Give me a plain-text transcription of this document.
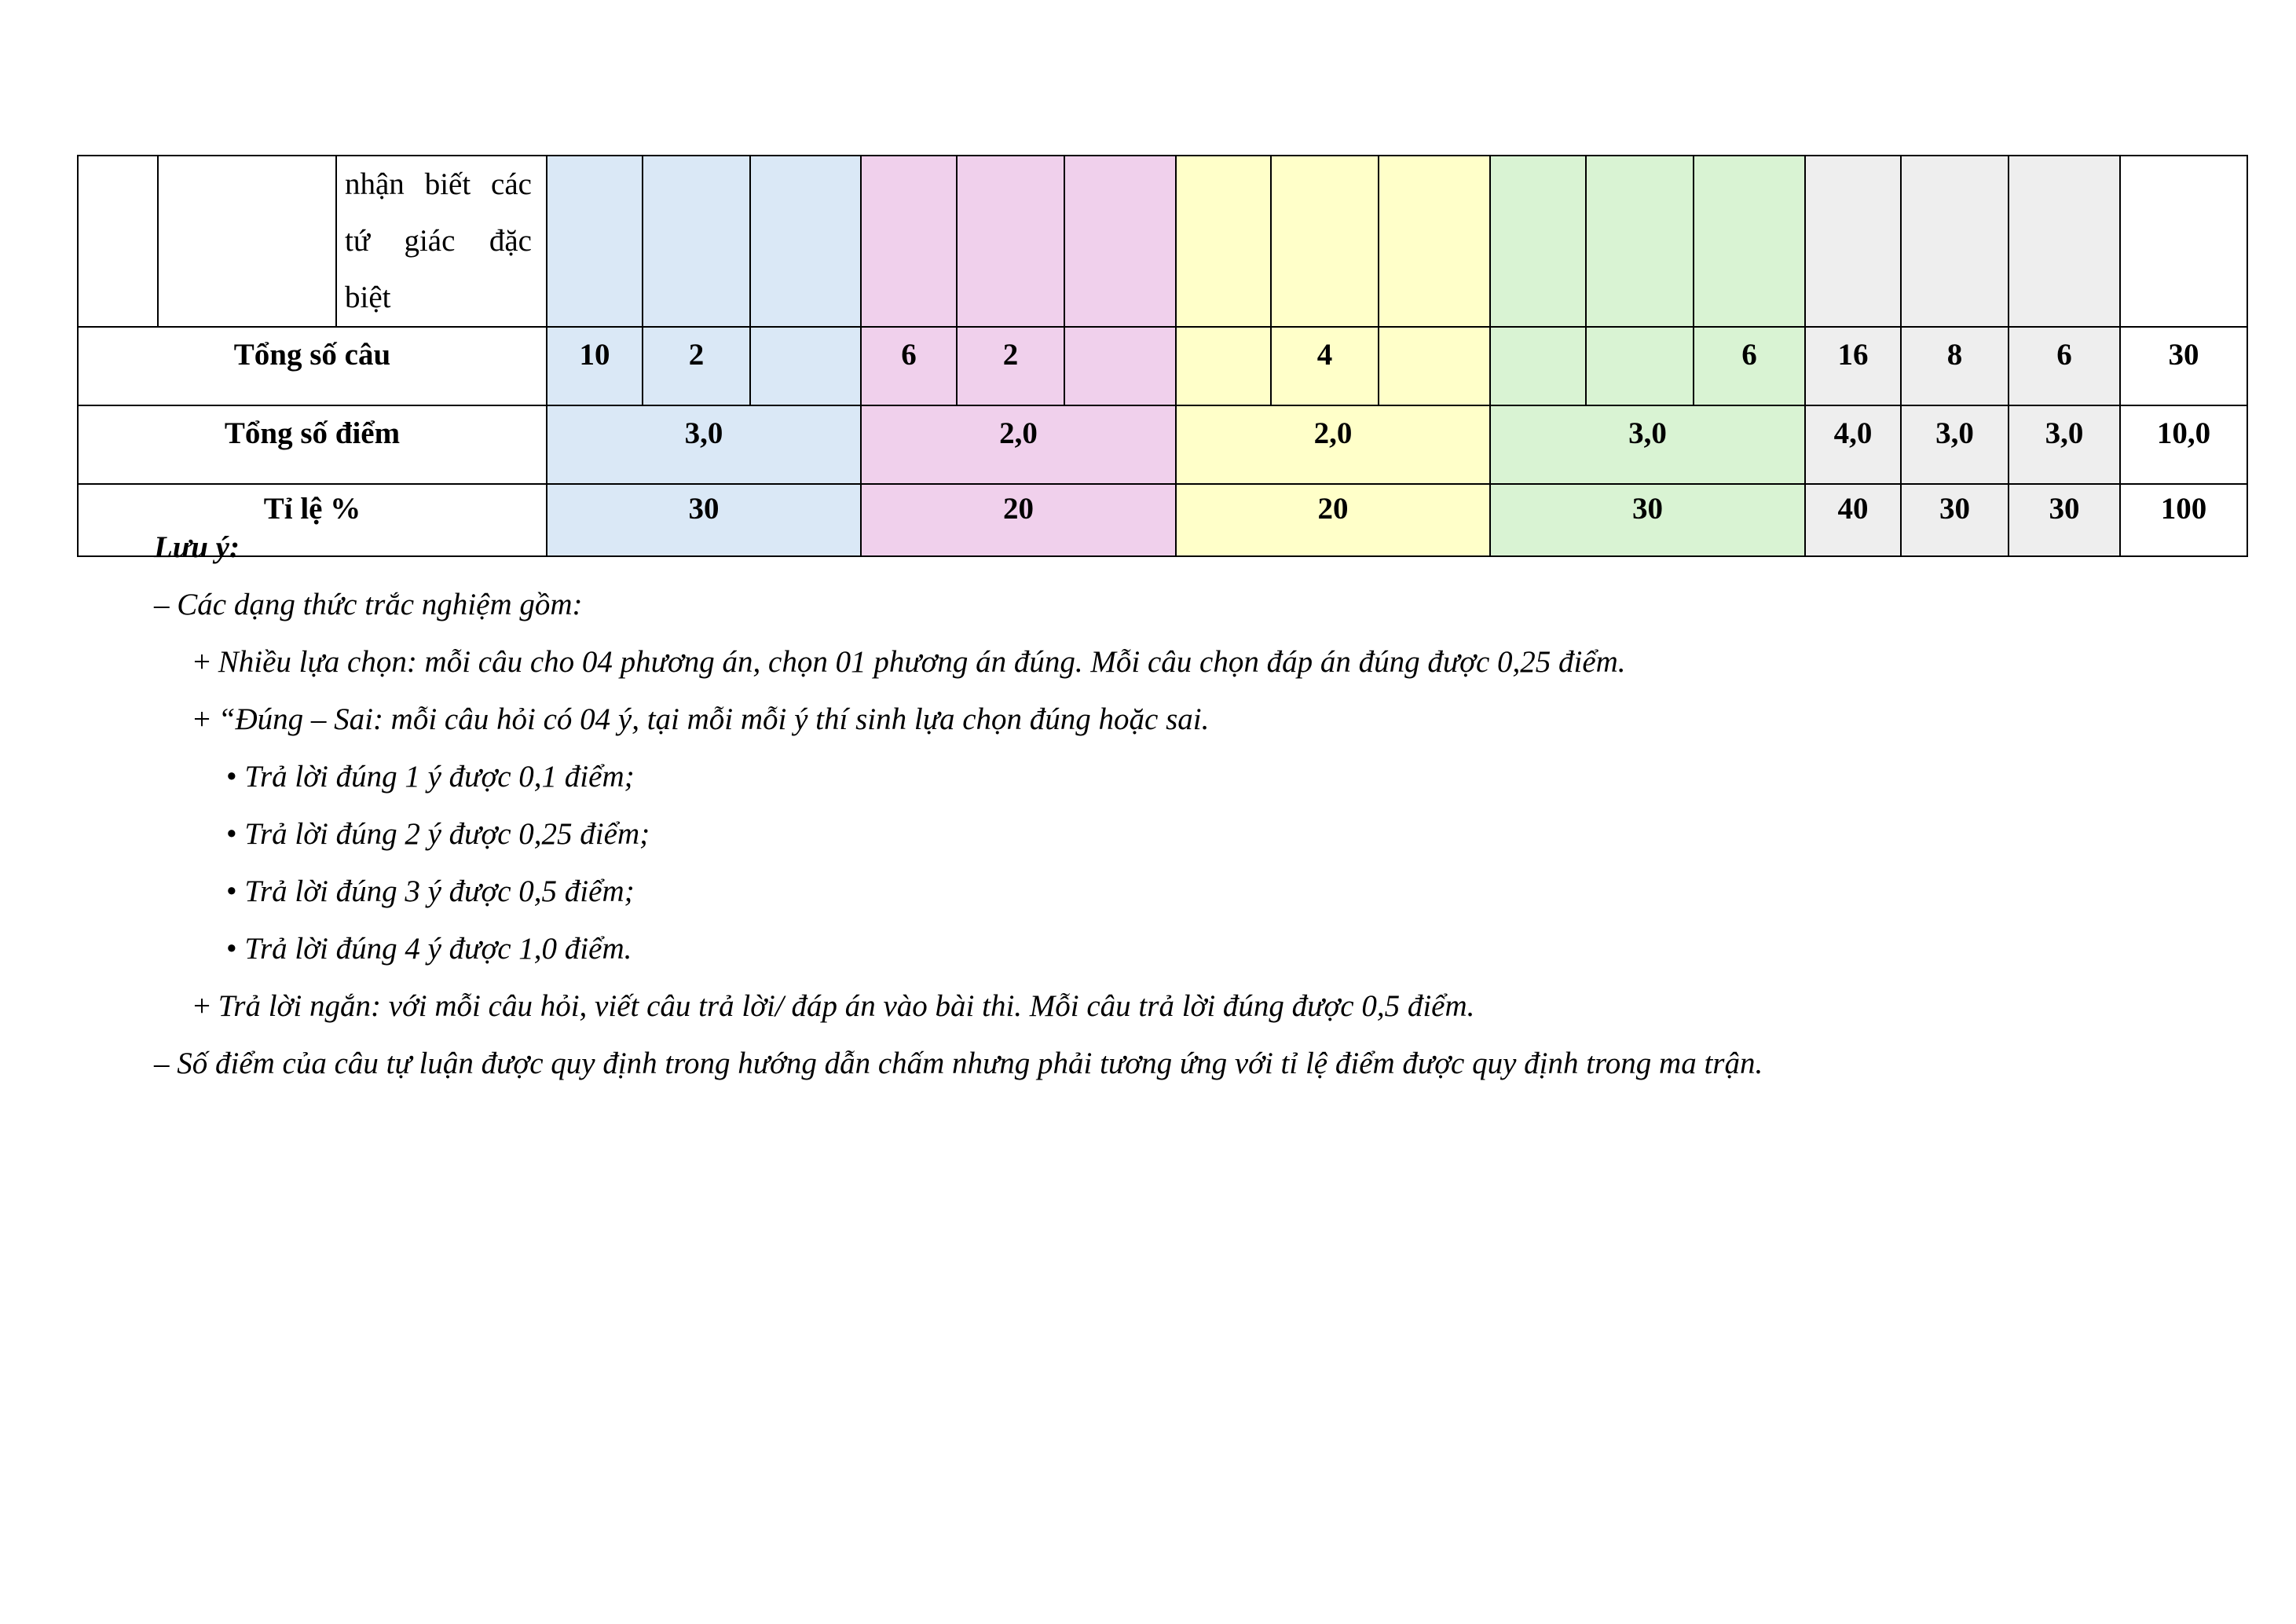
		nhận biết các tứ giác đặc biệt																
Tổng số câu			10	2		6	2			4				6	16	8	6	30
Tổng số điểm			3,0			2,0			2,0			3,0			4,0	3,0	3,0	10,0
Tỉ lệ %			30			20			20			30			40	30	30	100
Lưu ý:
– Các dạng thức trắc nghiệm gồm:
+ Nhiều lựa chọn: mỗi câu cho 04 phương án, chọn 01 phương án đúng. Mỗi câu chọn đáp án đúng được 0,25 điểm.
+ “Đúng – Sai: mỗi câu hỏi có 04 ý, tại mỗi mỗi ý thí sinh lựa chọn đúng hoặc sai.
• Trả lời đúng 1 ý được 0,1 điểm;
• Trả lời đúng 2 ý được 0,25 điểm;
• Trả lời đúng 3 ý được 0,5 điểm;
• Trả lời đúng 4 ý được 1,0 điểm.
+ Trả lời ngắn: với mỗi câu hỏi, viết câu trả lời/ đáp án vào bài thi. Mỗi câu trả lời đúng được 0,5 điểm.
– Số điểm của câu tự luận được quy định trong hướng dẫn chấm nhưng phải tương ứng với tỉ lệ điểm được quy định trong ma trận.
